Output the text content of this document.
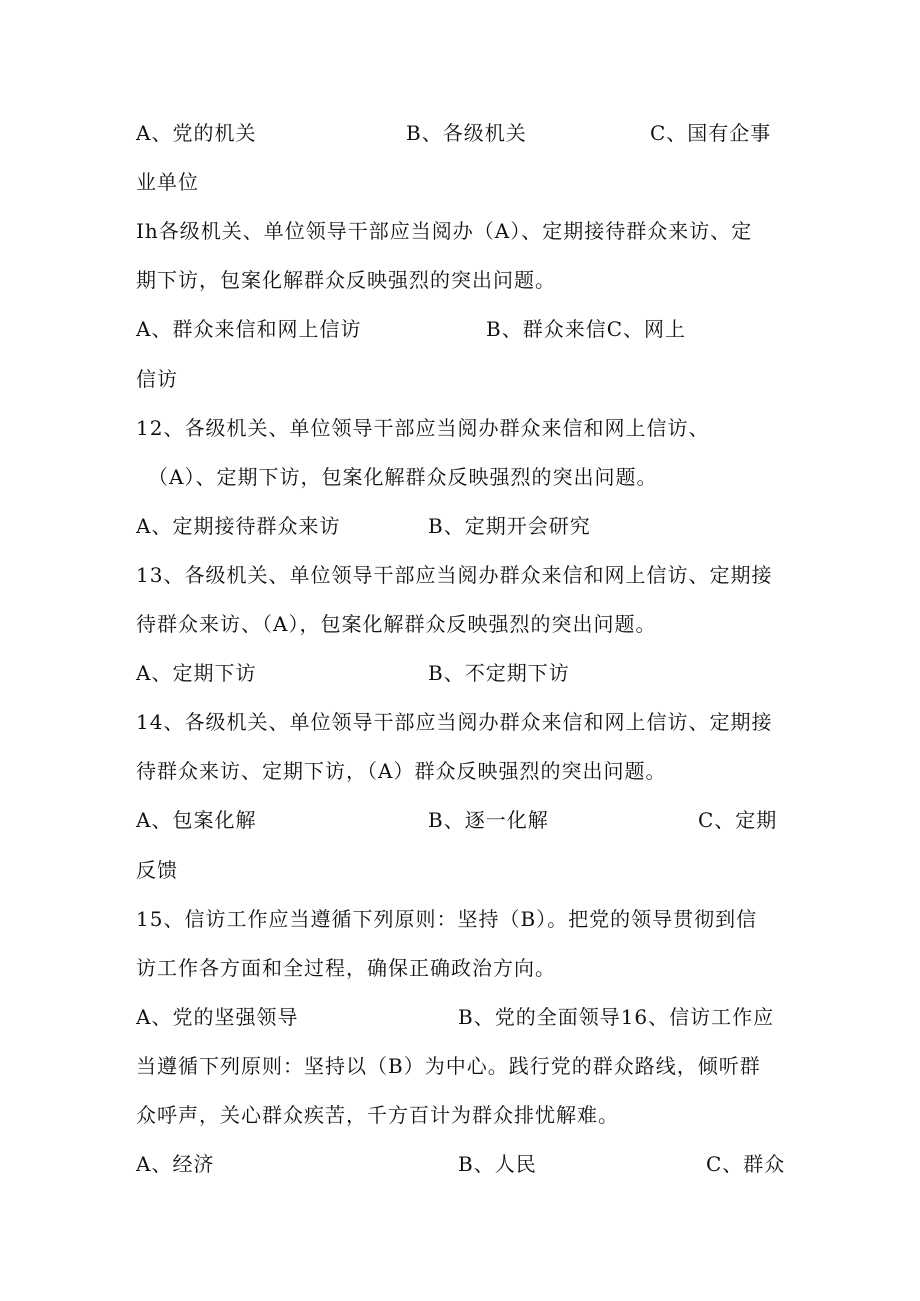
A、党的机关	B、各级机关	C、国有企事
业单位
Ih各级机关、单位领导干部应当阅办（A）、定期接待群众来访、定
期下访，包案化解群众反映强烈的突出问题。
A、群众来信和网上信访	B、群众来信C、网上
信访
12、各级机关、单位领导干部应当阅办群众来信和网上信访、
（A）、定期下访，包案化解群众反映强烈的突出问题。
A、定期接待群众来访	B、定期开会研究
13、各级机关、单位领导干部应当阅办群众来信和网上信访、定期接
待群众来访、（A），包案化解群众反映强烈的突出问题。
A、定期下访	B、不定期下访
14、各级机关、单位领导干部应当阅办群众来信和网上信访、定期接
待群众来访、定期下访，（A）群众反映强烈的突出问题。
A、包案化解	B、逐一化解	C、定期
反馈
15、信访工作应当遵循下列原则：坚持（B）。把党的领导贯彻到信
访工作各方面和全过程，确保正确政治方向。
A、党的坚强领导	B、党的全面领导16、信访工作应
当遵循下列原则：坚持以（B）为中心。践行党的群众路线，倾听群
众呼声，关心群众疾苦，千方百计为群众排忧解难。
A、经济	B、人民	C、群众
